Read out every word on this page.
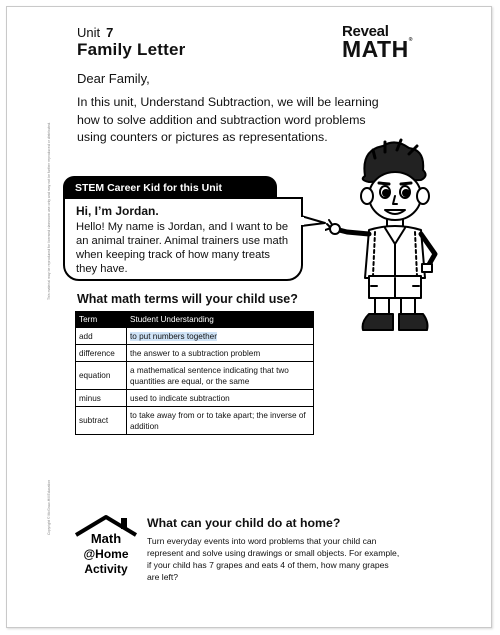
This material may be reproduced for licensed classroom use only and may not be further reproduced or distributed.
Copyright © McGraw-Hill Education
Unit 7
Family Letter
Reveal
MATH®
Dear Family,
In this unit, Understand Subtraction, we will be learning how to solve addition and subtraction word problems using counters or pictures as representations.
STEM Career Kid for this Unit
Hi, I’m Jordan.
Hello! My name is Jordan, and I want to be an animal trainer. Animal trainers use math when keeping track of how many treats they have.
What math terms will your child use?
Term	Student Understanding
add	to put numbers together
difference	the answer to a subtraction problem
equation	a mathematical sentence indicating that two quantities are equal, or the same
minus	used to indicate subtraction
subtract	to take away from or to take apart; the inverse of addition
Math
@Home
Activity
What can your child do at home?
Turn everyday events into word problems that your child can represent and solve using drawings or small objects. For example, if your child has 7 grapes and eats 4 of them, how many grapes are left?
